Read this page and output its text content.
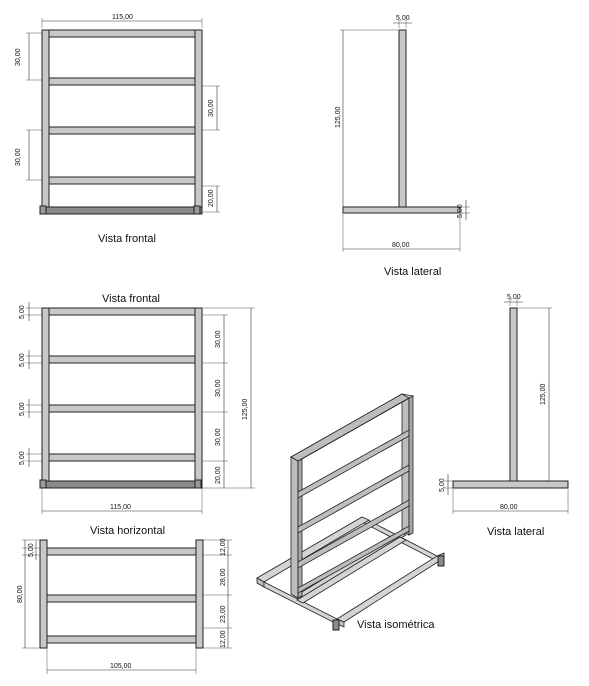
115,00
30,00
30,00
30,00
20,00
Vista frontal
5,00
125,00
5,00
80,00
Vista lateral
Vista frontal
5,00
5,00
5,00
5,00
30,00
30,00
30,00
20,00
125,00
115,00
Vista horizontal
5,00
80,00
12,00
28,00
23,00
12,00
105,00
Vista isométrica
5,00
125,00
5,00
80,00
Vista lateral
